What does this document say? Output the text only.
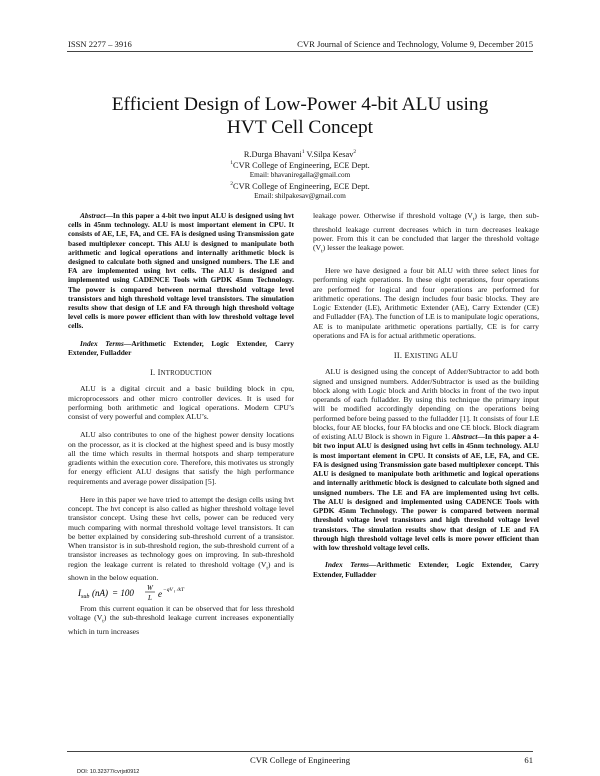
ISSN 2277 – 3916	CVR Journal of Science and Technology, Volume 9, December 2015
Efficient Design of Low-Power 4-bit ALU using
HVT Cell Concept
R.Durga Bhavani$^1$ V.Silpa Kesav$^2$
$^1$CVR College of Engineering, ECE Dept.
Email: bhavaniregalla@gmail.com
$^2$CVR College of Engineering, ECE Dept.
Email: shilpakesav@gmail.com

Abstract—In this paper a 4-bit two input ALU is designed using hvt cells in 45nm technology. ALU is most important element in CPU. It consists of AE, LE, FA, and CE. FA is designed using Transmission gate based multiplexer concept. This ALU is designed to manipulate both arithmetic and logical operations and internally arithmetic block is designed to calculate both signed and unsigned numbers. The LE and FA are implemented using hvt cells. The ALU is designed and implemented using CADENCE Tools with GPDK 45nm Technology. The power is compared between normal threshold voltage level transistors and high threshold voltage level transistors. The simulation results show that design of LE and FA through high threshold voltage level cells is more power efficient than with low threshold voltage level cells.

Index Terms—Arithmetic Extender, Logic Extender, Carry Extender, Fulladder

I. INTRODUCTION

ALU is a digital circuit and a basic building block in cpu, microprocessors and other micro controller devices. It is used for performing both arithmetic and logical operations. Modern CPU’s consist of very powerful and complex ALU’s.

ALU also contributes to one of the highest power density locations on the processor, as it is clocked at the highest speed and is busy mostly all the time which results in thermal hotspots and sharp temperature gradients within the execution core. Therefore, this motivates us strongly for energy efficient ALU designs that satisfy the high performance requirements and average power dissipation [5].

Here in this paper we have tried to attempt the design cells using hvt concept. The hvt concept is also called as higher threshold voltage level transistor concept. Using these hvt cells, power can be reduced very much comparing with normal threshold voltage level transistors. It can be better explained by considering sub-threshold current of a transistor. When transistor is in sub-threshold region, the sub-threshold current of a transistor increases as technology goes on improving. In sub-threshold region the leakage current is related to threshold voltage $(V_t)$ and is shown in the below equation.

I sub (nA) = 100 W
L e −qV t /kT

From this current equation it can be observed that for less threshold voltage $(V_t)$ the sub-threshold leakage current increases exponentially which in turn increases

leakage power. Otherwise if threshold voltage $(V_t)$ is large, then sub-threshold leakage current decreases which in turn decreases leakage power. From this it can be concluded that larger the threshold voltage $(V_t)$ lesser the leakage power.

Here we have designed a four bit ALU with three select lines for performing eight operations. In these eight operations, four operations are performed for logical and four operations are performed for arithmetic operations. The design includes four basic blocks. They are Logic Extender (LE), Arithmetic Extender (AE), Carry Extender (CE) and Fulladder (FA). The function of LE is to manipulate logic operations, AE is to manipulate arithmetic operations partially, CE is for carry operations and FA is for actual arithmetic operations.

II. EXISTING ALU

ALU is designed using the concept of Adder/Subtractor to add both signed and unsigned numbers. Adder/Subtractor is used as the building block along with Logic block and Arith blocks in front of the two input operands of each fulladder. By using this technique the primary input will be modified accordingly depending on the operations being performed before being passed to the fulladder [1]. It consists of four LE blocks, four AE blocks, four FA blocks and one CE block. Block diagram of existing ALU Block is shown in Figure 1. Abstract—In this paper a 4-bit two input ALU is designed using hvt cells in 45nm technology. ALU is most important element in CPU. It consists of AE, LE, FA, and CE. FA is designed using Transmission gate based multiplexer concept. This ALU is designed to manipulate both arithmetic and logical operations and internally arithmetic block is designed to calculate both signed and unsigned numbers. The LE and FA are implemented using hvt cells. The ALU is designed and implemented using CADENCE Tools with GPDK 45nm Technology. The power is compared between normal threshold voltage level transistors and high threshold voltage level transistors. The simulation results show that design of LE and FA through high threshold voltage level cells is more power efficient than with low threshold voltage level cells.

Index Terms—Arithmetic Extender, Logic Extender, Carry Extender, Fulladder

CVR College of Engineering	61
DOI: 10.32377/cvrjst0912
